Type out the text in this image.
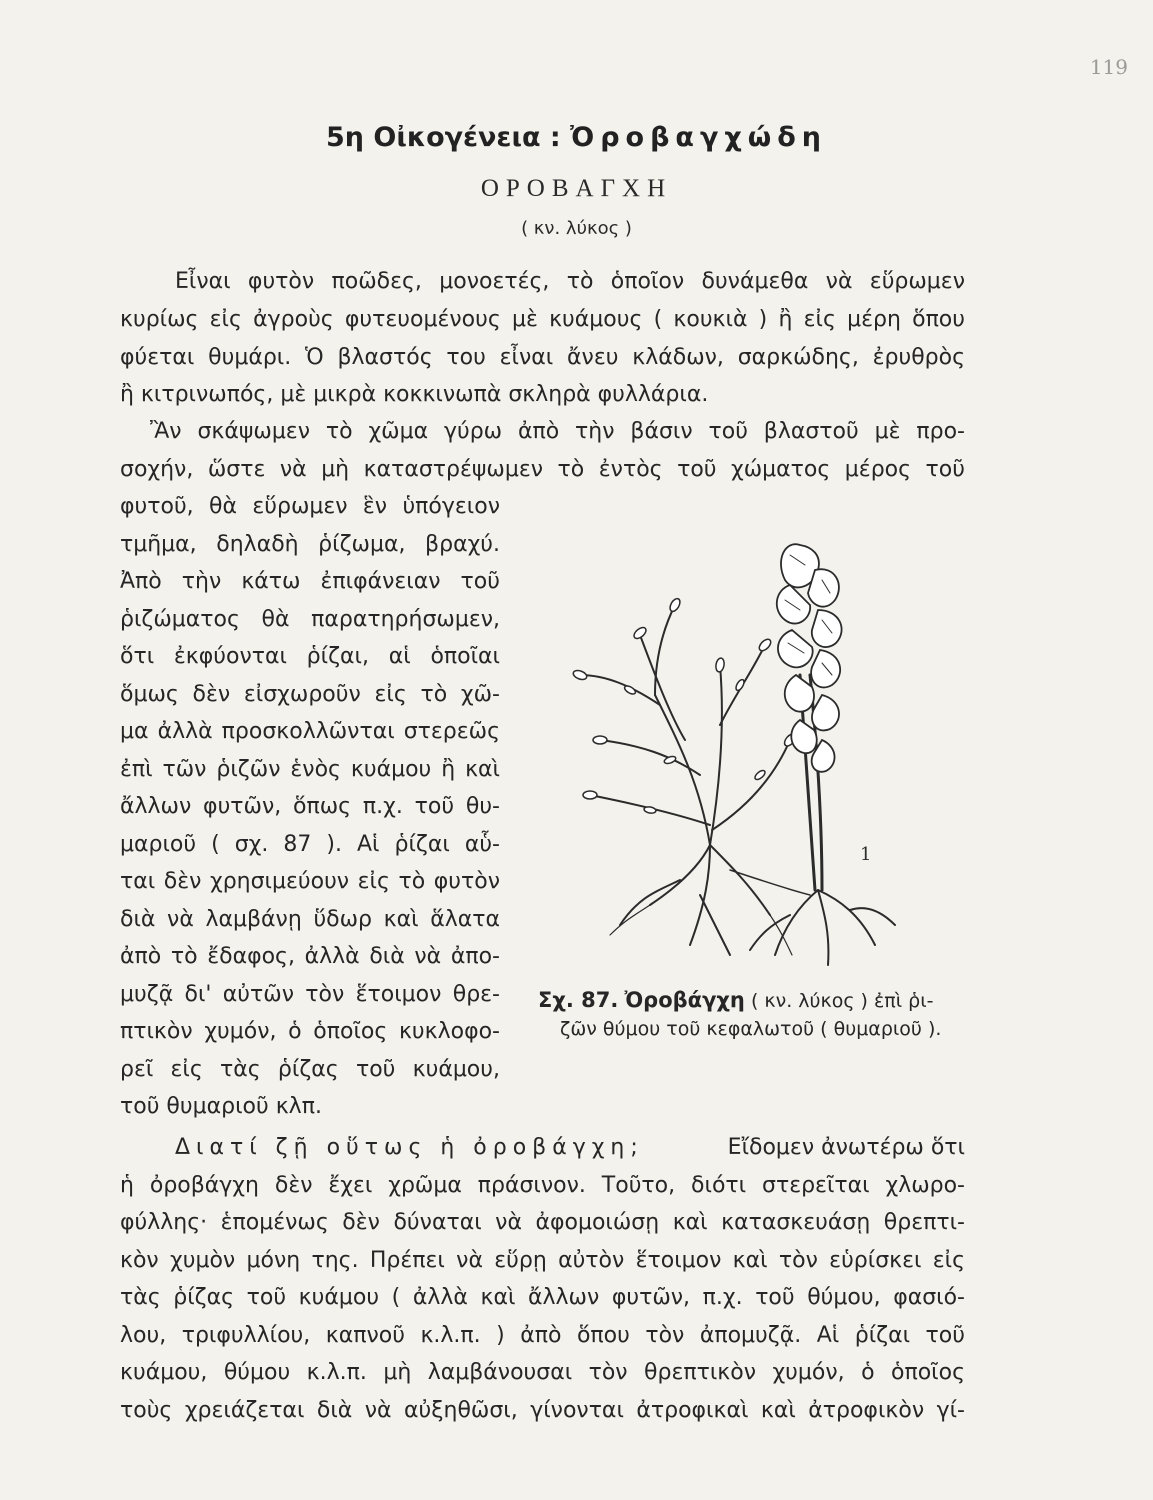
119
5η Οἰκογένεια : Ὀροβαγχώδη
ΟΡΟΒΑΓΧΗ
( κν. λύκος )
Εἶναι φυτὸν ποῶδες, μονοετές, τὸ ὁποῖον δυνάμεθα νὰ εὕρωμεν
κυρίως εἰς ἀγροὺς φυτευομένους μὲ κυάμους ( κουκιὰ ) ἢ εἰς μέρη ὅπου
φύεται θυμάρι. Ὁ βλαστός του εἶναι ἄνευ κλάδων, σαρκώδης, ἐρυθρὸς
ἢ κιτρινωπός, μὲ μικρὰ κοκκινωπὰ σκληρὰ φυλλάρια.
Ἂν σκάψωμεν τὸ χῶμα γύρω ἀπὸ τὴν βάσιν τοῦ βλαστοῦ μὲ προ-
σοχήν, ὥστε νὰ μὴ καταστρέψωμεν τὸ ἐντὸς τοῦ χώματος μέρος τοῦ
φυτοῦ, θὰ εὕρωμεν ἓν ὑπόγειον
τμῆμα, δηλαδὴ ῥίζωμα, βραχύ.
Ἀπὸ τὴν κάτω ἐπιφάνειαν τοῦ
ῥιζώματος θὰ παρατηρήσωμεν,
ὅτι ἐκφύονται ῥίζαι, αἱ ὁποῖαι
ὅμως δὲν εἰσχωροῦν εἰς τὸ χῶ-
μα ἀλλὰ προσκολλῶνται στερεῶς
ἐπὶ τῶν ῥιζῶν ἑνὸς κυάμου ἢ καὶ
ἄλλων φυτῶν, ὅπως π.χ. τοῦ θυ-
μαριοῦ ( σχ. 87 ). Αἱ ῥίζαι αὗ-
ται δὲν χρησιμεύουν εἰς τὸ φυτὸν
διὰ νὰ λαμβάνῃ ὕδωρ καὶ ἅλατα
ἀπὸ τὸ ἔδαφος, ἀλλὰ διὰ νὰ ἀπο-
μυζᾷ δι' αὐτῶν τὸν ἕτοιμον θρε-
πτικὸν χυμόν, ὁ ὁποῖος κυκλοφο-
ρεῖ εἰς τὰς ῥίζας τοῦ κυάμου,
τοῦ θυμαριοῦ κλπ.
1
Σχ. 87. Ὀροβάγχη ( κν. λύκος ) ἐπὶ ῥι-
ζῶν θύμου τοῦ κεφαλωτοῦ ( θυμαριοῦ ).
Διατί ζῇ οὕτως ἡ ὀροβάγχη;	Εἴδομεν ἀνωτέρω ὅτι
ἡ ὀροβάγχη δὲν ἔχει χρῶμα πράσινον. Τοῦτο, διότι στερεῖται χλωρο-
φύλλης· ἑπομένως δὲν δύναται νὰ ἀφομοιώσῃ καὶ κατασκευάσῃ θρεπτι-
κὸν χυμὸν μόνη της. Πρέπει νὰ εὕρῃ αὐτὸν ἕτοιμον καὶ τὸν εὑρίσκει εἰς
τὰς ῥίζας τοῦ κυάμου ( ἀλλὰ καὶ ἄλλων φυτῶν, π.χ. τοῦ θύμου, φασιό-
λου, τριφυλλίου, καπνοῦ κ.λ.π. ) ἀπὸ ὅπου τὸν ἀπομυζᾷ. Αἱ ῥίζαι τοῦ
κυάμου, θύμου κ.λ.π. μὴ λαμβάνουσαι τὸν θρεπτικὸν χυμόν, ὁ ὁποῖος
τοὺς χρειάζεται διὰ νὰ αὐξηθῶσι, γίνονται ἀτροφικαὶ καὶ ἀτροφικὸν γί-
